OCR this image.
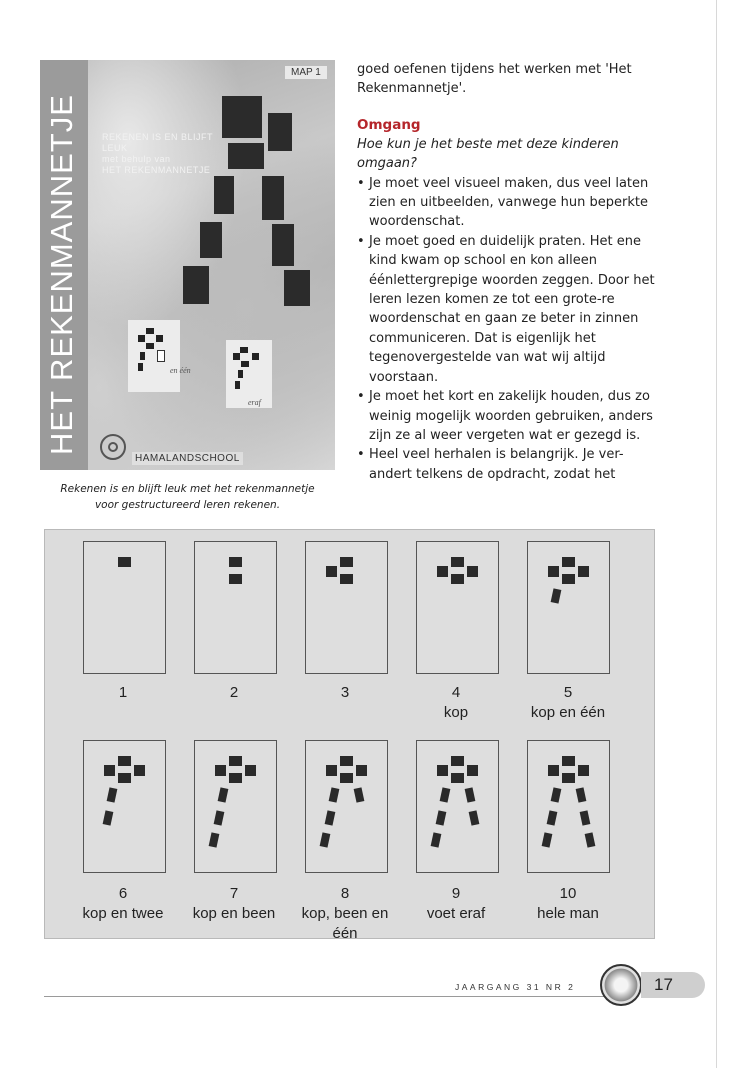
HET REKENMANNETJE
MAP 1
REKENEN IS EN BLIJFT LEUK
met behulp van
HET REKENMANNETJE
en één
eraf
HAMALANDSCHOOL
Rekenen is en blijft leuk met het rekenmannetje
voor gestructureerd leren rekenen.

goed oefenen tijdens het werken met 'Het Rekenmannetje'.

Omgang

Hoe kun je het beste met deze kinderen omgaan?

• Je moet veel visueel maken, dus veel laten zien en uitbeelden, vanwege hun beperkte woordenschat.
• Je moet goed en duidelijk praten. Het ene kind kwam op school en kon alleen éénlettergrepige woorden zeggen. Door het leren lezen komen ze tot een grote-re woordenschat en gaan ze beter in zinnen communiceren. Dat is eigenlijk het tegenovergestelde van wat wij altijd voorstaan.
• Je moet het kort en zakelijk houden, dus zo weinig mogelijk woorden gebruiken, anders zijn ze al weer vergeten wat er gezegd is.
• Heel veel herhalen is belangrijk. Je ver-andert telkens de opdracht, zodat het
1	2	3	4
kop
5
kop en één
6
kop en twee
7
kop en been
8
kop, been en één
9
voet eraf
10
hele man
JAARGANG 31 NR 2	17
